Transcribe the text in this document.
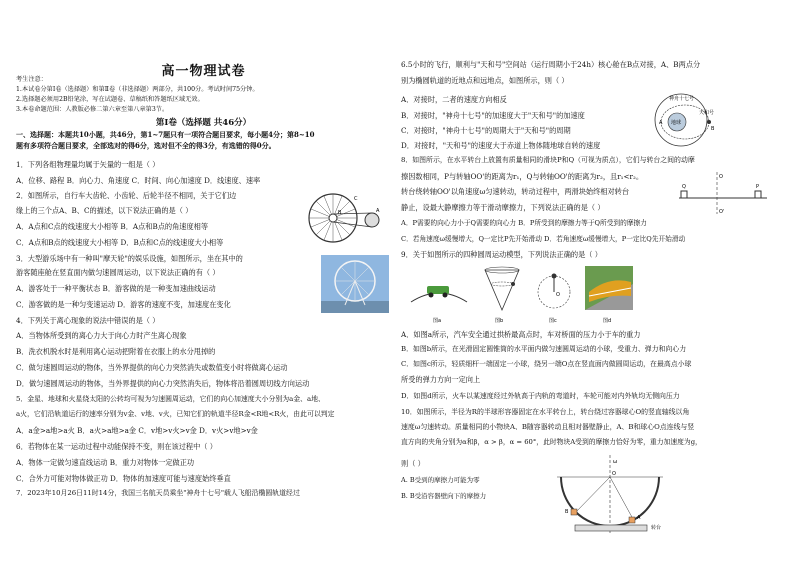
高一物理试卷
考生注意：
1.本试卷分第Ⅰ卷（选择题）和第Ⅱ卷（非选择题）两部分，共100分。考试时间75分钟。
2.选择题必须用2B铅笔涂，写在试题卷、草稿纸和答题纸区域无效。
3.本卷命题范围：人教版必修二第六章至第八章第3节。
第Ⅰ卷（选择题 共46分）
一、选择题：本题共10小题，共46分，第1~7题只有一项符合题目要求，每小题4分；第8~10
题有多项符合题目要求，全部选对的得6分，选对但不全的得3分，有选错的得0分。
1．下列各组物理量均属于矢量的一组是（ ）
A．位移、路程 B．向心力、角速度 C．时间、向心加速度 D．线速度、速率
2．如图所示，自行车大齿轮、小齿轮、后轮半径不相同，关于它们边
缘上的三个点A、B、C的描述，以下说法正确的是（ ）
A．A点和C点的线速度大小相等 B．A点和B点的角速度相等
C．A点和B点的线速度大小相等 D．B点和C点的线速度大小相等
3．大型游乐场中有一种叫"摩天轮"的娱乐设施，如图所示，坐在其中的
游客随座舱在竖直面内做匀速圆周运动，以下说法正确的有（ ）
A．游客处于一种平衡状态 B．游客做的是一种变加速曲线运动
C．游客做的是一种匀变速运动 D．游客的速度不变，加速度在变化
4．下列关于离心现象的说法中错误的是（ ）
A．当物体所受到的离心力大于向心力时产生离心现象
B．洗衣机脱水时是利用离心运动把附着在衣服上的水分甩掉的
C．做匀速圆周运动的物体，当外界提供的向心力突然消失或数值变小时将做离心运动
D．做匀速圆周运动的物体，当外界提供的向心力突然消失后，物体将沿着圆周切线方向运动
5．金星、地球和火星绕太阳的公转均可视为匀速圆周运动，它们的向心加速度大小分别为a金、a地、
a火，它们沿轨道运行的速率分别为v金、v地、v火，已知它们的轨道半径R金<R地<R火，由此可以判定
A．a金>a地>a火 B．a火>a地>a金 C．v地>v火>v金 D．v火>v地>v金
6．若物体在某一运动过程中动能保持不变，则在该过程中（ ）
A．物体一定做匀速直线运动 B．重力对物体一定做正功
C．合外力可能对物体做正功 D．物体的加速度可能与速度始终垂直
7．2023年10月26日11时14分，我国三名航天员乘坐"神舟十七号"载人飞船沿椭圆轨道经过
C
A
B
摩天轮
6.5小时的飞行，顺利与"天和号"空间站（运行周期小于24h）核心舱在B点对接，A、B两点分
别为椭圆轨道的近地点和远地点，如图所示，则（ ）
A．对接时，二者的速度方向相反
B．对接时，"神舟十七号"的加速度大于"天和号"的加速度
C．对接时，"神舟十七号"的周期大于"天和号"的周期
D．对接时，"天和号"的速度大于赤道上物体随地球自转的速度
8．如图所示，在水平转台上放置有质量相同的滑块P和Q（可视为质点），它们与转台之间的动摩
擦因数相同，P与转轴OO'的距离为r₁，Q与转轴OO'的距离为r₂，且r₁<r₂。
转台绕转轴OO'以角速度ω匀速转动，转动过程中，两滑块始终相对转台
静止，设最大静摩擦力等于滑动摩擦力，下列说法正确的是（ ）
A．P需要的向心力小于Q需要的向心力 B．P所受到的摩擦力等于Q所受到的摩擦力
C．若角速度ω缓慢增大，Q一定比P先开始滑动 D．若角速度ω缓慢增大，P一定比Q先开始滑动
9．关于如图所示的四种圆周运动模型，下列说法正确的是（ ）
A．如图a所示，汽车安全通过拱桥最高点时，车对桥面的压力小于车的重力
B．如图b所示，在光滑固定圆锥筒的水平面内做匀速圆周运动的小球，受重力、弹力和向心力
C．如图c所示，轻质细杆一端固定一小球，绕另一端O点在竖直面内做圆周运动，在最高点小球
所受的弹力方向一定向上
D．如图d所示，火车以某速度经过外轨高于内轨的弯道时，车轮可能对内外轨均无侧向压力
10．如图所示，半径为R的半球形容器固定在水平转台上，转台绕过容器球心O的竖直轴线以角
速度ω匀速转动。质量相同的小物块A、B随容器转动且相对器壁静止，A、B和球心O点连线与竖
直方向的夹角分别为α和β，α > β，α = 60°，此时物块A受到的摩擦力恰好为零，重力加速度为g，
则（ ）
A. B受到的摩擦力可能为零
B. B受沿容器壁向下的摩擦力
神舟十七号
天和号
A 地球
B
O
Q	P
O'
O
图a	图b	图c	图d
ω
O
B
A
转台
